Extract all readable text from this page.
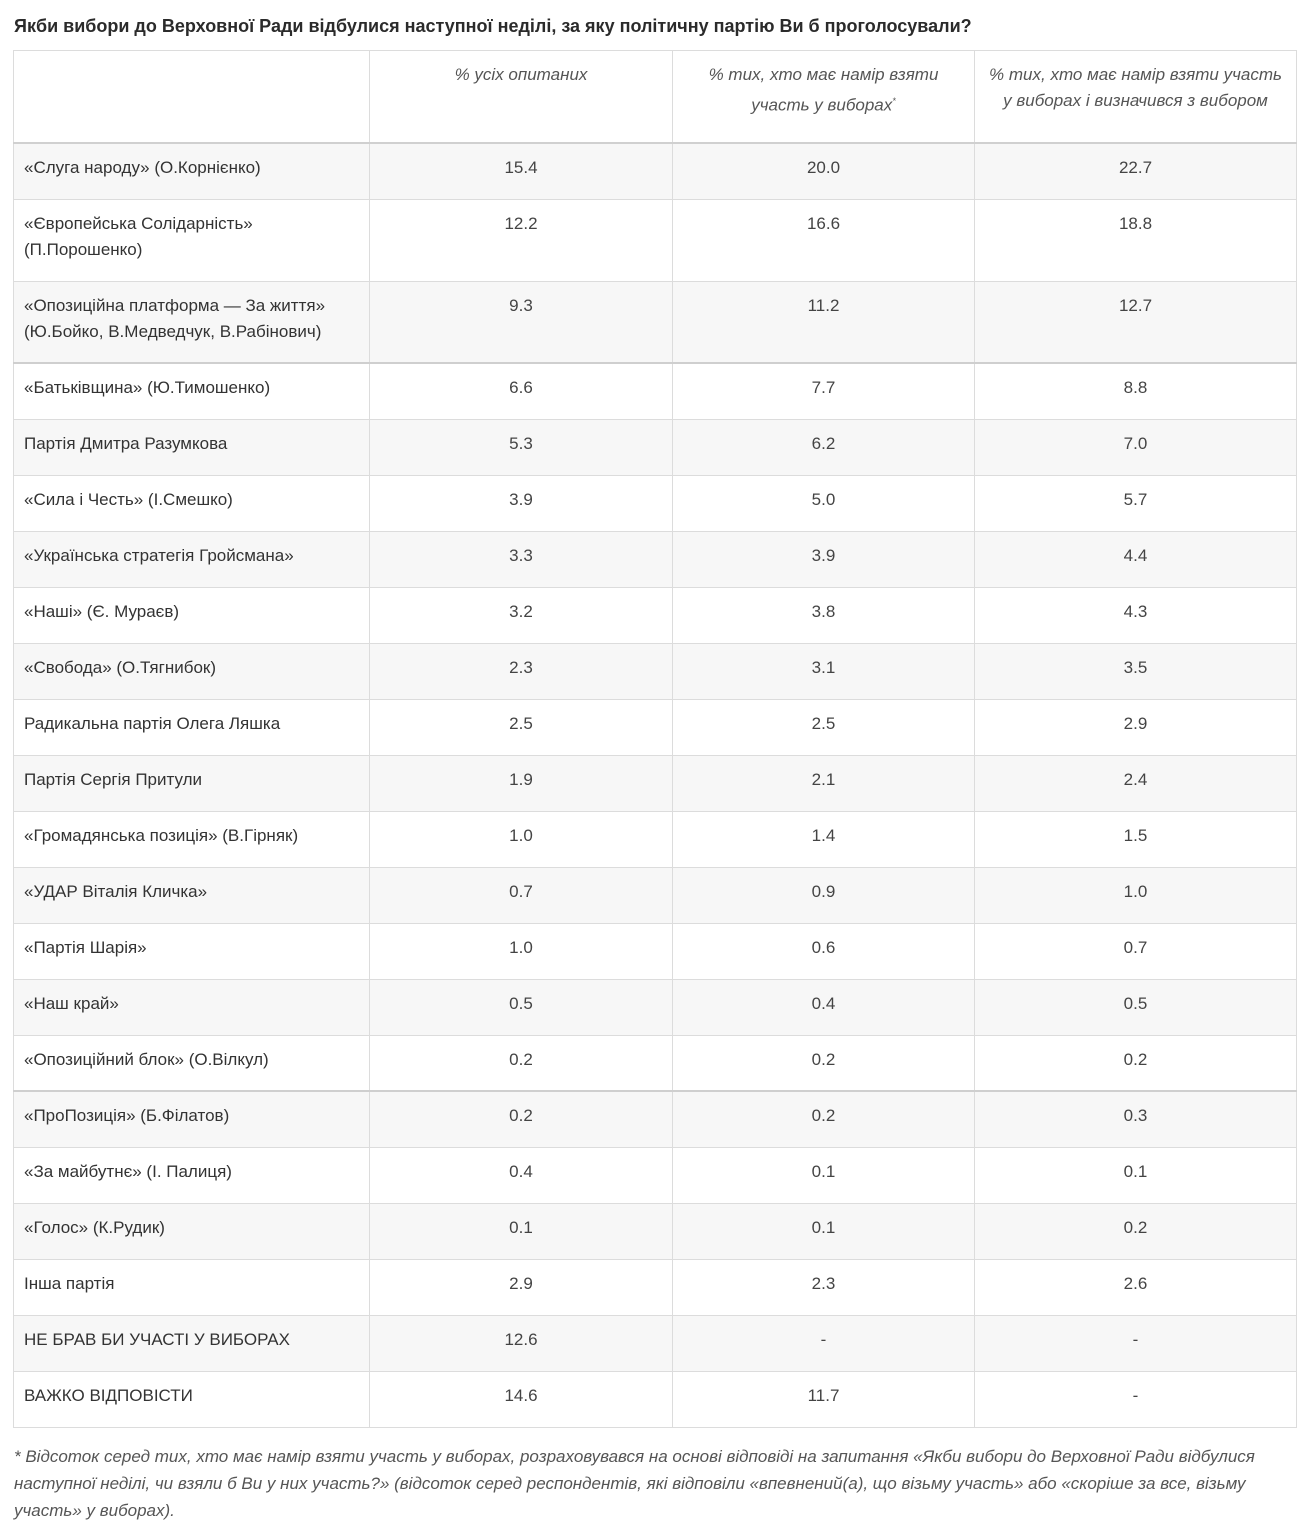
Якби вибори до Верховної Ради відбулися наступної неділі, за яку політичну партію Ви б проголосували?
	% усіх опитаних	% тих, хто має намір взяти участь у виборах*	% тих, хто має намір взяти участь у виборах і визначився з вибором
«Слуга народу» (О.Корнієнко)	15.4	20.0	22.7
«Європейська Солідарність» (П.Порошенко)	12.2	16.6	18.8
«Опозиційна платформа — За життя» (Ю.Бойко, В.Медведчук, В.Рабінович)	9.3	11.2	12.7
«Батьківщина» (Ю.Тимошенко)	6.6	7.7	8.8
Партія Дмитра Разумкова	5.3	6.2	7.0
«Сила і Честь» (І.Смешко)	3.9	5.0	5.7
«Українська стратегія Гройсмана»	3.3	3.9	4.4
«Наші» (Є. Мураєв)	3.2	3.8	4.3
«Свобода» (О.Тягнибок)	2.3	3.1	3.5
Радикальна партія Олега Ляшка	2.5	2.5	2.9
Партія Сергія Притули	1.9	2.1	2.4
«Громадянська позиція» (В.Гірняк)	1.0	1.4	1.5
«УДАР Віталія Кличка»	0.7	0.9	1.0
«Партія Шарія»	1.0	0.6	0.7
«Наш край»	0.5	0.4	0.5
«Опозиційний блок» (О.Вілкул)	0.2	0.2	0.2
«ПроПозиція» (Б.Філатов)	0.2	0.2	0.3
«За майбутнє» (І. Палиця)	0.4	0.1	0.1
«Голос» (К.Рудик)	0.1	0.1	0.2
Інша партія	2.9	2.3	2.6
НЕ БРАВ БИ УЧАСТІ У ВИБОРАХ	12.6	-	-
ВАЖКО ВІДПОВІСТИ	14.6	11.7	-
* Відсоток серед тих, хто має намір взяти участь у виборах, розраховувався на основі відповіді на запитання «Якби вибори до Верховної Ради відбулися наступної неділі, чи взяли б Ви у них участь?» (відсоток серед респондентів, які відповіли «впевнений(а), що візьму участь» або «скоріше за все, візьму участь» у виборах).
